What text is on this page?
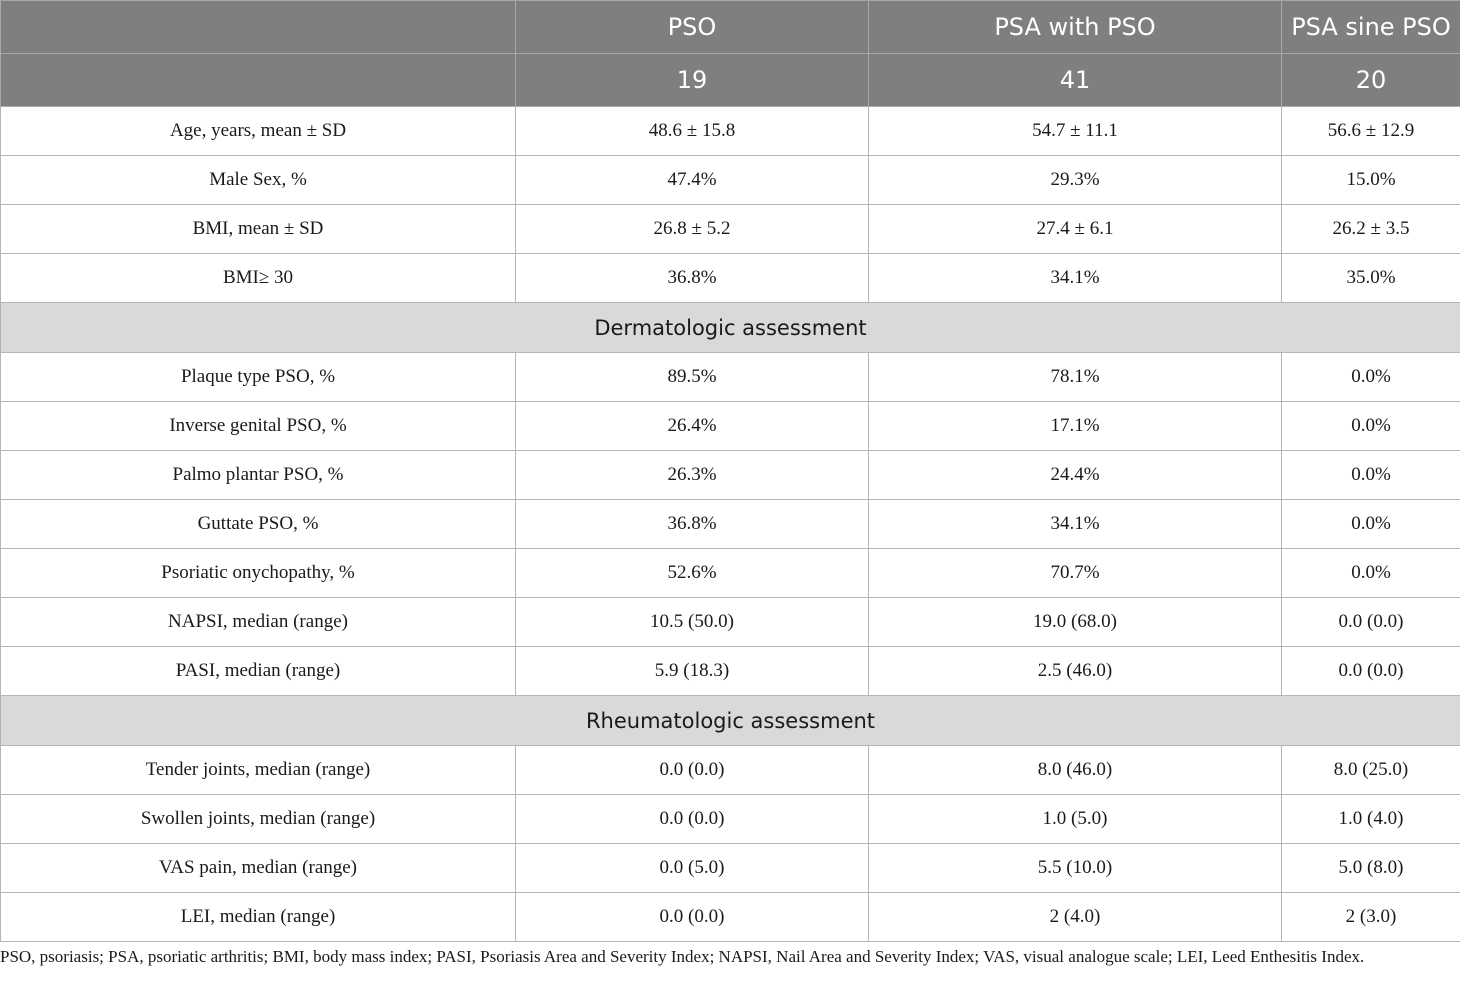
	PSO	PSA with PSO	PSA sine PSO
	19	41	20
Age, years, mean ± SD	48.6 ± 15.8	54.7 ± 11.1	56.6 ± 12.9
Male Sex, %	47.4%	29.3%	15.0%
BMI, mean ± SD	26.8 ± 5.2	27.4 ± 6.1	26.2 ± 3.5
BMI≥ 30	36.8%	34.1%	35.0%
Dermatologic assessment			
Plaque type PSO, %	89.5%	78.1%	0.0%
Inverse genital PSO, %	26.4%	17.1%	0.0%
Palmo plantar PSO, %	26.3%	24.4%	0.0%
Guttate PSO, %	36.8%	34.1%	0.0%
Psoriatic onychopathy, %	52.6%	70.7%	0.0%
NAPSI, median (range)	10.5 (50.0)	19.0 (68.0)	0.0 (0.0)
PASI, median (range)	5.9 (18.3)	2.5 (46.0)	0.0 (0.0)
Rheumatologic assessment			
Tender joints, median (range)	0.0 (0.0)	8.0 (46.0)	8.0 (25.0)
Swollen joints, median (range)	0.0 (0.0)	1.0 (5.0)	1.0 (4.0)
VAS pain, median (range)	0.0 (5.0)	5.5 (10.0)	5.0 (8.0)
LEI, median (range)	0.0 (0.0)	2 (4.0)	2 (3.0)
PSO, psoriasis; PSA, psoriatic arthritis; BMI, body mass index; PASI, Psoriasis Area and Severity Index; NAPSI, Nail Area and Severity Index; VAS, visual analogue scale; LEI, Leed Enthesitis Index.
